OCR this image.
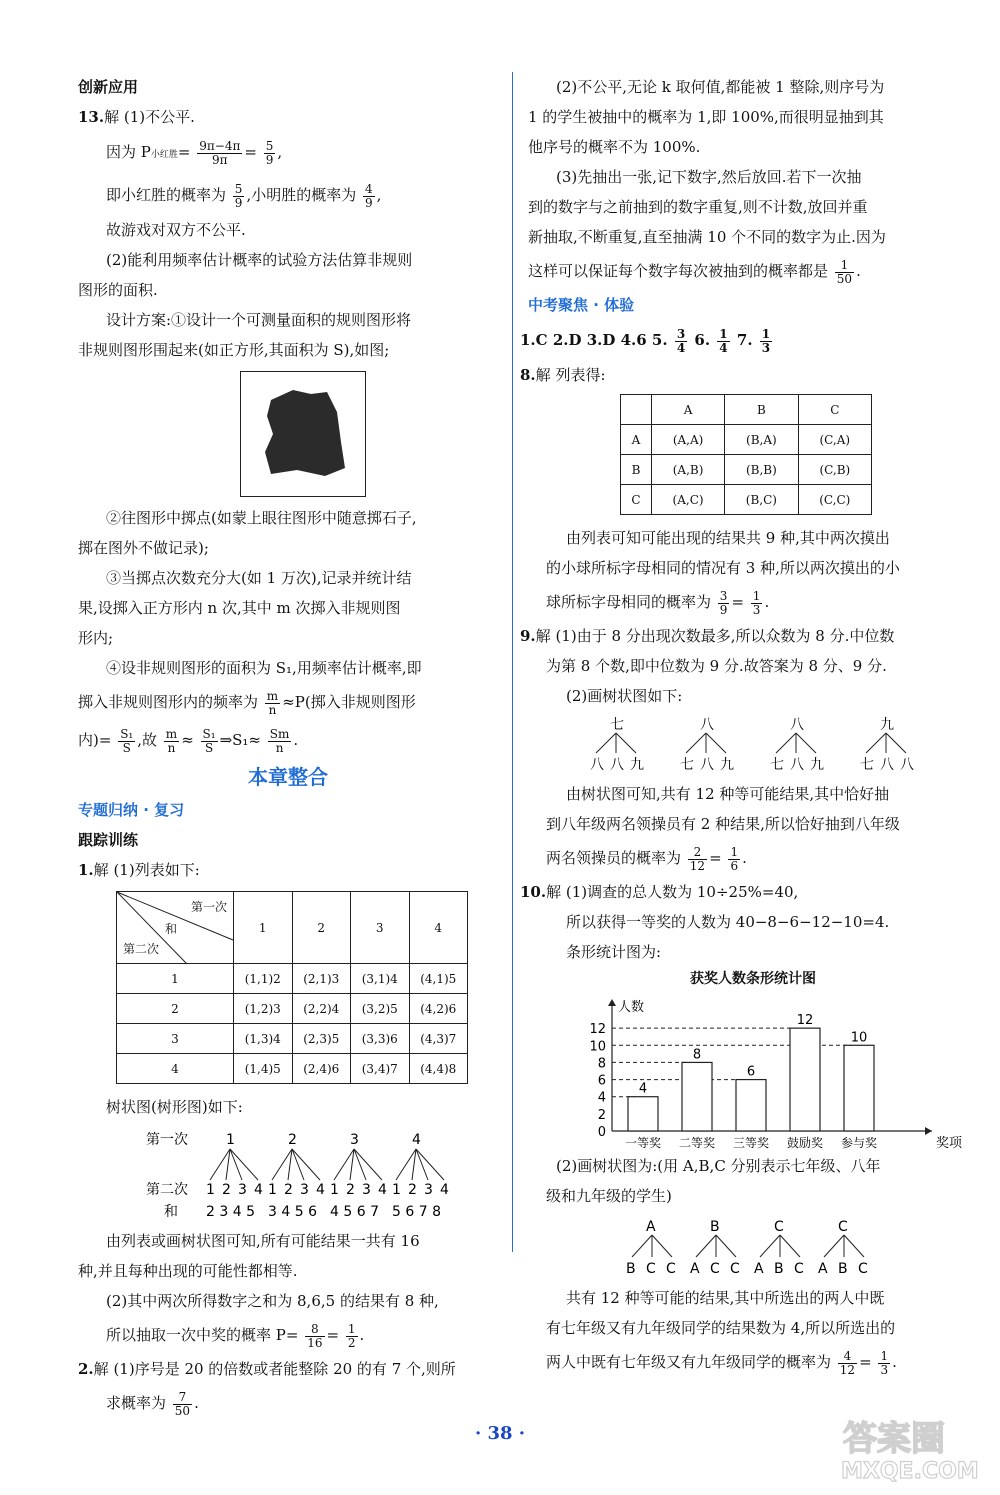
创新应用
13.解 (1)不公平.
因为 P小红胜= $\frac{9\pi-4\pi}{9\pi} = \frac{5}{9}$ ,
即小红胜的概率为 $\frac{5}{9}$ ,小明胜的概率为 $\frac{4}{9}$ ,
故游戏对双方不公平.
(2)能利用频率估计概率的试验方法估算非规则
图形的面积.
设计方案:①设计一个可测量面积的规则图形将
非规则图形围起来(如正方形,其面积为 S),如图;
②往图形中掷点(如蒙上眼往图形中随意掷石子,
掷在图外不做记录);
③当掷点次数充分大(如 1 万次),记录并统计结
果,设掷入正方形内 n 次,其中 m 次掷入非规则图
形内;
④设非规则图形的面积为 S₁,用频率估计概率,即
掷入非规则图形内的频率为 $\frac{m}{n} \approx P$(掷入非规则图形
内)= $\frac{\text{S₁}}{S}$ ,故 $\frac{m}{n} \approx \frac{\text{S₁}}{S}$ ⇒S₁≈ $\frac{Sm}{n}$ .
本章整合
专题归纳 · 复习
跟踪训练
1.解 (1)列表如下:
第一次
和
第二次	1	2	3	4
1	(1,1)2	(2,1)3	(3,1)4	(4,1)5
2	(1,2)3	(2,2)4	(3,2)5	(4,2)6
3	(1,3)4	(2,3)5	(3,3)6	(4,3)7
4	(1,4)5	(2,4)6	(3,4)7	(4,4)8
树状图(树形图)如下:
第一次
第二次
和
1
1 2 3 4
2 3 4 5
2
1 2 3 4
3 4 5 6
3
1 2 3 4
4 5 6 7
4
1 2 3 4
5 6 7 8
由列表或画树状图可知,所有可能结果一共有 16
种,并且每种出现的可能性都相等.
(2)其中两次所得数字之和为 8,6,5 的结果有 8 种,
所以抽取一次中奖的概率 $P= \frac{8}{16} = \frac{1}{2}$ .
2.解 (1)序号是 20 的倍数或者能整除 20 的有 7 个,则所
求概率为 $\frac{7}{50}$ .
(2)不公平,无论 k 取何值,都能被 1 整除,则序号为
1 的学生被抽中的概率为 1,即 100%,而很明显抽到其
他序号的概率不为 100%.
(3)先抽出一张,记下数字,然后放回.若下一次抽
到的数字与之前抽到的数字重复,则不计数,放回并重
新抽取,不断重复,直至抽满 10 个不同的数字为止.因为
这样可以保证每个数字每次被抽到的概率都是 $\frac{1}{50}$ .
中考聚焦 · 体验
1.C 2.D 3.D 4.6 5. $\frac{3}{4} 6$. $\frac{1}{4} 7$. $\frac{1}{3}$
8.解 列表得:
	A	B	C
A	(A,A)	(B,A)	(C,A)
B	(A,B)	(B,B)	(C,B)
C	(A,C)	(B,C)	(C,C)
由列表可知可能出现的结果共 9 种,其中两次摸出
的小球所标字母相同的情况有 3 种,所以两次摸出的小
球所标字母相同的概率为 $\frac{3}{9} = \frac{1}{3}$ .
9.解 (1)由于 8 分出现次数最多,所以众数为 8 分.中位数
为第 8 个数,即中位数为 9 分.故答案为 8 分、9 分.
(2)画树状图如下:
七
八 八 九
八
七 八 九
八
七 八 九
九
七 八 八
由树状图可知,共有 12 种等可能结果,其中恰好抽
到八年级两名领操员有 2 种结果,所以恰好抽到八年级
两名领操员的概率为 $\frac{2}{12} = \frac{1}{6}$ .
10.解 (1)调查的总人数为 10÷25%=40,
所以获得一等奖的人数为 40−8−6−12−10=4.
条形统计图为:
获奖人数条形统计图
人数
奖项
0
2
4
6
8
10
12
4
一等奖
8
二等奖
6
三等奖
12
鼓励奖
10
参与奖
(2)画树状图为:(用 A,B,C 分别表示七年级、八年
级和九年级的学生)
A
B C C
B
A C C
C
A B C
C
A B C
共有 12 种等可能的结果,其中所选出的两人中既
有七年级又有九年级同学的结果数为 4,所以所选出的
两人中既有七年级又有九年级同学的概率为 $\frac{4}{12} = \frac{1}{3}$ .
· 38 ·	答案圈
MXQE.COM
